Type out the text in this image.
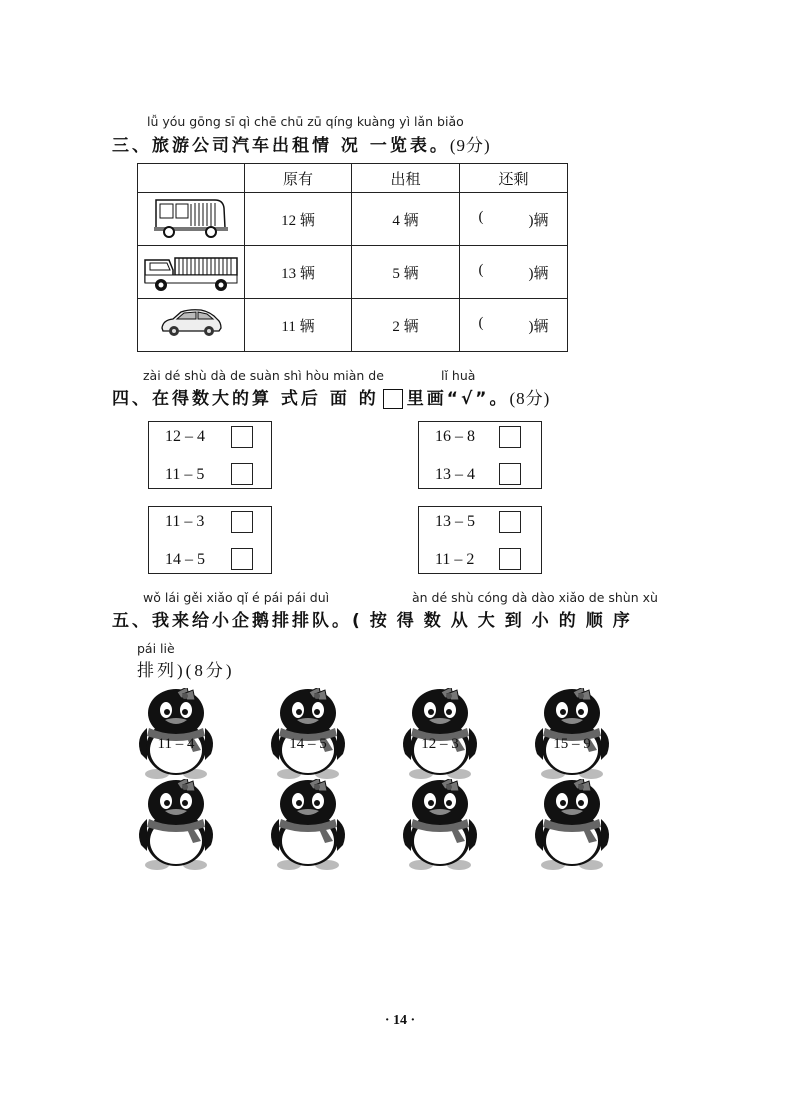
lǚ yóu gōng sī qì chē chū zū qíng kuàng yì lǎn biǎo
三、旅游公司汽车出租情 况 一览表。(9分)
	原有	出租	还剩
	12 辆	4 辆	( )辆

	13 辆	5 辆	( )辆

	11 辆	2 辆	( )辆
zài dé shù dà de suàn shì hòu miàn de	lǐ huà
四、在得数大的算 式后 面 的 里画“√”。(8分)
12 – 4
11 – 5
16 – 8
13 – 4
11 – 3
14 – 5
13 – 5
11 – 2
wǒ lái gěi xiǎo qǐ é pái pái duì	àn dé shù cóng dà dào xiǎo de shùn xù
五、我来给小企鹅排排队。(按得数从大到小的顺序
pái liè
排列)(8分)
11 – 4	14 – 5	12 – 3	15 – 9
· 14 ·
